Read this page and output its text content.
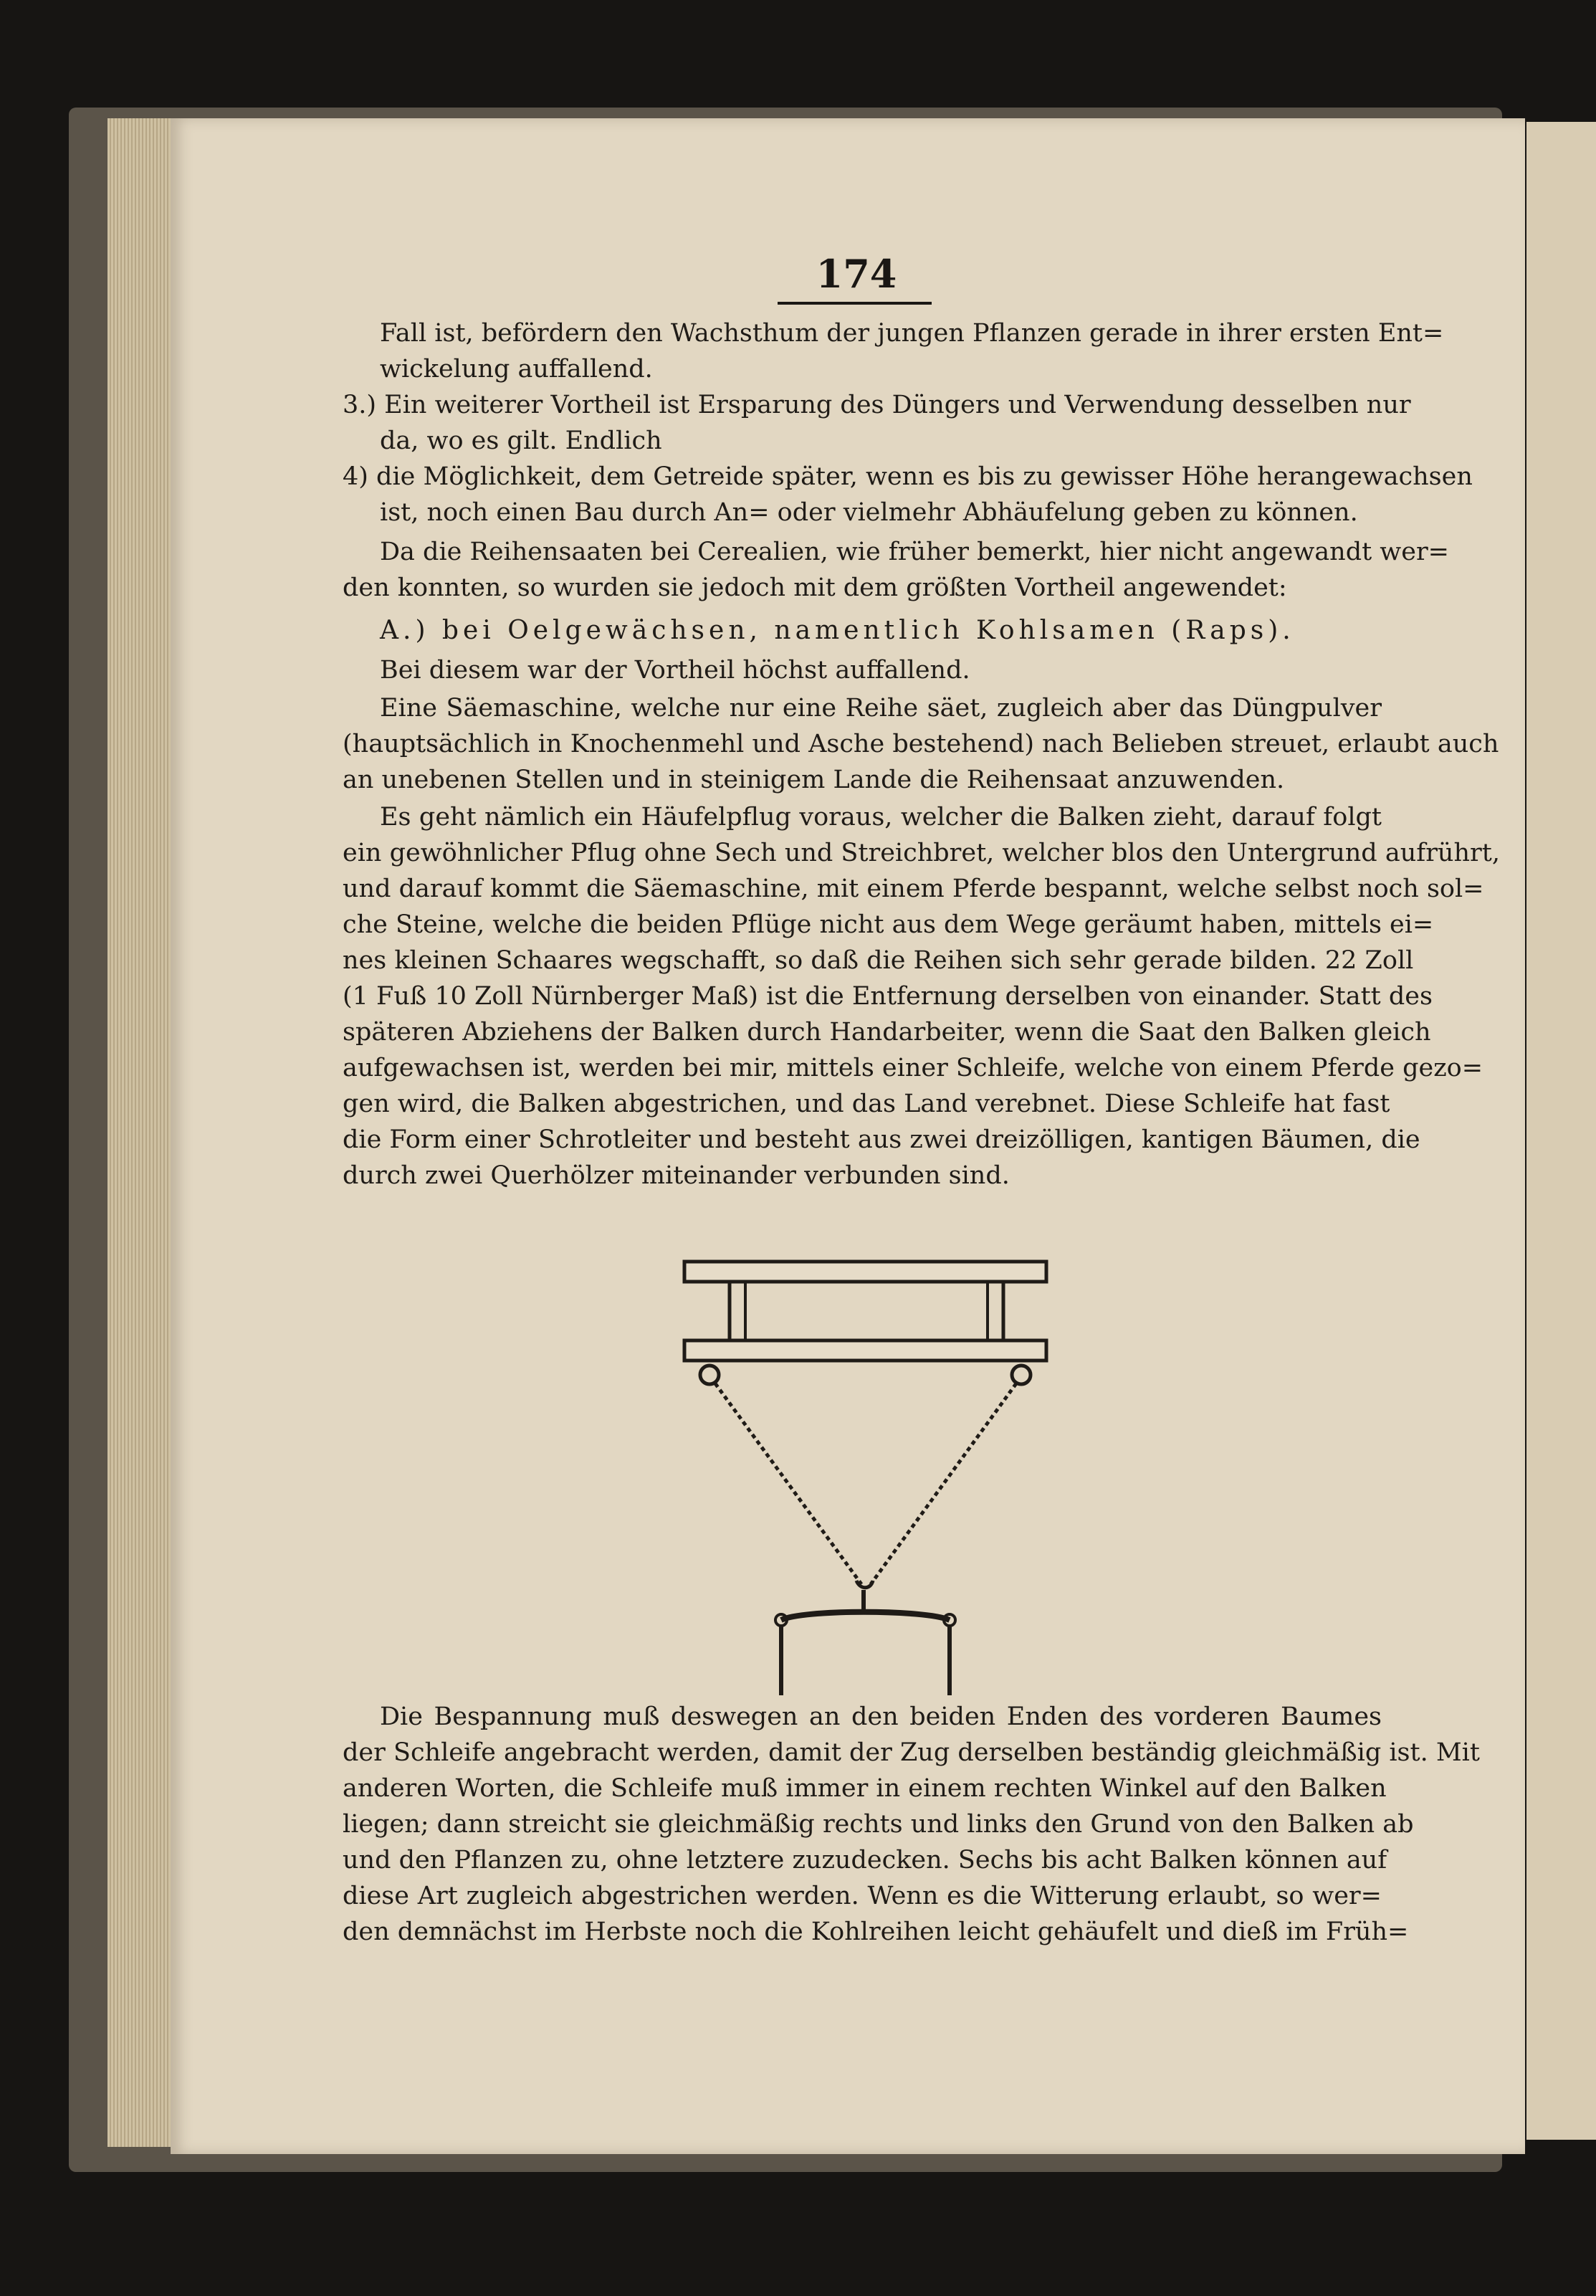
174
Fall ist, befördern den Wachsthum der jungen Pflanzen gerade in ihrer ersten Ent=
wickelung auffallend.
3.) Ein weiterer Vortheil ist Ersparung des Düngers und Verwendung desselben nur
da, wo es gilt. Endlich
4) die Möglichkeit, dem Getreide später, wenn es bis zu gewisser Höhe herangewachsen
ist, noch einen Bau durch An= oder vielmehr Abhäufelung geben zu können.
Da die Reihensaaten bei Cerealien, wie früher bemerkt, hier nicht angewandt wer=
den konnten, so wurden sie jedoch mit dem größten Vortheil angewendet:
A.) bei Oelgewächsen, namentlich Kohlsamen (Raps).
Bei diesem war der Vortheil höchst auffallend.
Eine Säemaschine, welche nur eine Reihe säet, zugleich aber das Düngpulver
(hauptsächlich in Knochenmehl und Asche bestehend) nach Belieben streuet, erlaubt auch
an unebenen Stellen und in steinigem Lande die Reihensaat anzuwenden.
Es geht nämlich ein Häufelpflug voraus, welcher die Balken zieht, darauf folgt
ein gewöhnlicher Pflug ohne Sech und Streichbret, welcher blos den Untergrund aufrührt,
und darauf kommt die Säemaschine, mit einem Pferde bespannt, welche selbst noch sol=
che Steine, welche die beiden Pflüge nicht aus dem Wege geräumt haben, mittels ei=
nes kleinen Schaares wegschafft, so daß die Reihen sich sehr gerade bilden. 22 Zoll
(1 Fuß 10 Zoll Nürnberger Maß) ist die Entfernung derselben von einander. Statt des
späteren Abziehens der Balken durch Handarbeiter, wenn die Saat den Balken gleich
aufgewachsen ist, werden bei mir, mittels einer Schleife, welche von einem Pferde gezo=
gen wird, die Balken abgestrichen, und das Land verebnet. Diese Schleife hat fast
die Form einer Schrotleiter und besteht aus zwei dreizölligen, kantigen Bäumen, die
durch zwei Querhölzer miteinander verbunden sind.
Die Bespannung muß deswegen an den beiden Enden des vorderen Baumes
der Schleife angebracht werden, damit der Zug derselben beständig gleichmäßig ist. Mit
anderen Worten, die Schleife muß immer in einem rechten Winkel auf den Balken
liegen; dann streicht sie gleichmäßig rechts und links den Grund von den Balken ab
und den Pflanzen zu, ohne letztere zuzudecken. Sechs bis acht Balken können auf
diese Art zugleich abgestrichen werden. Wenn es die Witterung erlaubt, so wer=
den demnächst im Herbste noch die Kohlreihen leicht gehäufelt und dieß im Früh=
